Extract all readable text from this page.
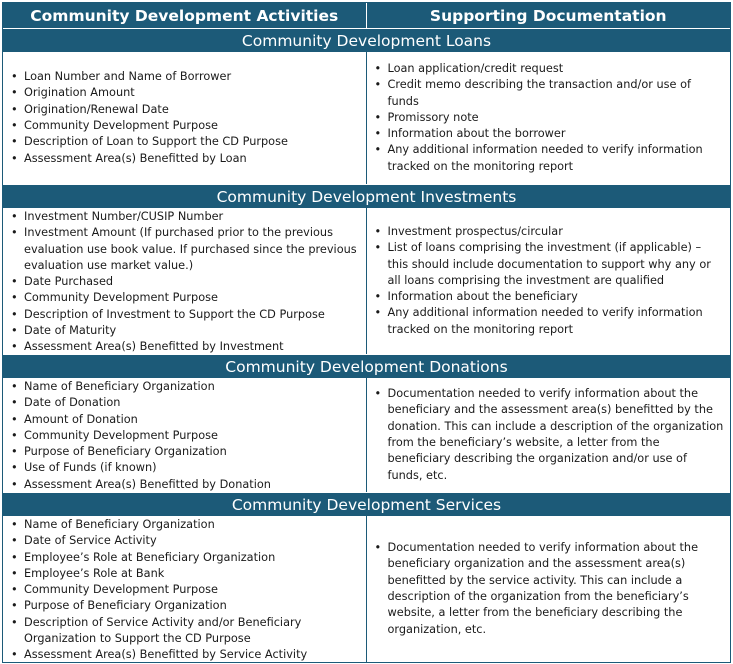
Community Development Activities	Supporting Documentation
Community Development Loans
• Loan Number and Name of Borrower
• Origination Amount
• Origination/Renewal Date
• Community Development Purpose
• Description of Loan to Support the CD Purpose
• Assessment Area(s) Benefitted by Loan
• Loan application/credit request
• Credit memo describing the transaction and/or use of funds
• Promissory note
• Information about the borrower
• Any additional information needed to verify information tracked on the monitoring report
Community Development Investments
• Investment Number/CUSIP Number
• Investment Amount (If purchased prior to the previous evaluation use book value. If purchased since the previous evaluation use market value.)
• Date Purchased
• Community Development Purpose
• Description of Investment to Support the CD Purpose
• Date of Maturity
• Assessment Area(s) Benefitted by Investment
• Investment prospectus/circular
• List of loans comprising the investment (if applicable) – this should include documentation to support why any or all loans comprising the investment are qualified
• Information about the beneficiary
• Any additional information needed to verify information tracked on the monitoring report
Community Development Donations
• Name of Beneficiary Organization
• Date of Donation
• Amount of Donation
• Community Development Purpose
• Purpose of Beneficiary Organization
• Use of Funds (if known)
• Assessment Area(s) Benefitted by Donation
• Documentation needed to verify information about the beneficiary and the assessment area(s) benefitted by the donation. This can include a description of the organization from the beneficiary’s website, a letter from the beneficiary describing the organization and/or use of funds, etc.
Community Development Services
• Name of Beneficiary Organization
• Date of Service Activity
• Employee’s Role at Beneficiary Organization
• Employee’s Role at Bank
• Community Development Purpose
• Purpose of Beneficiary Organization
• Description of Service Activity and/or Beneficiary Organization to Support the CD Purpose
• Assessment Area(s) Benefitted by Service Activity
• Documentation needed to verify information about the beneficiary organization and the assessment area(s) benefitted by the service activity. This can include a description of the organization from the beneficiary’s website, a letter from the beneficiary describing the organization, etc.
